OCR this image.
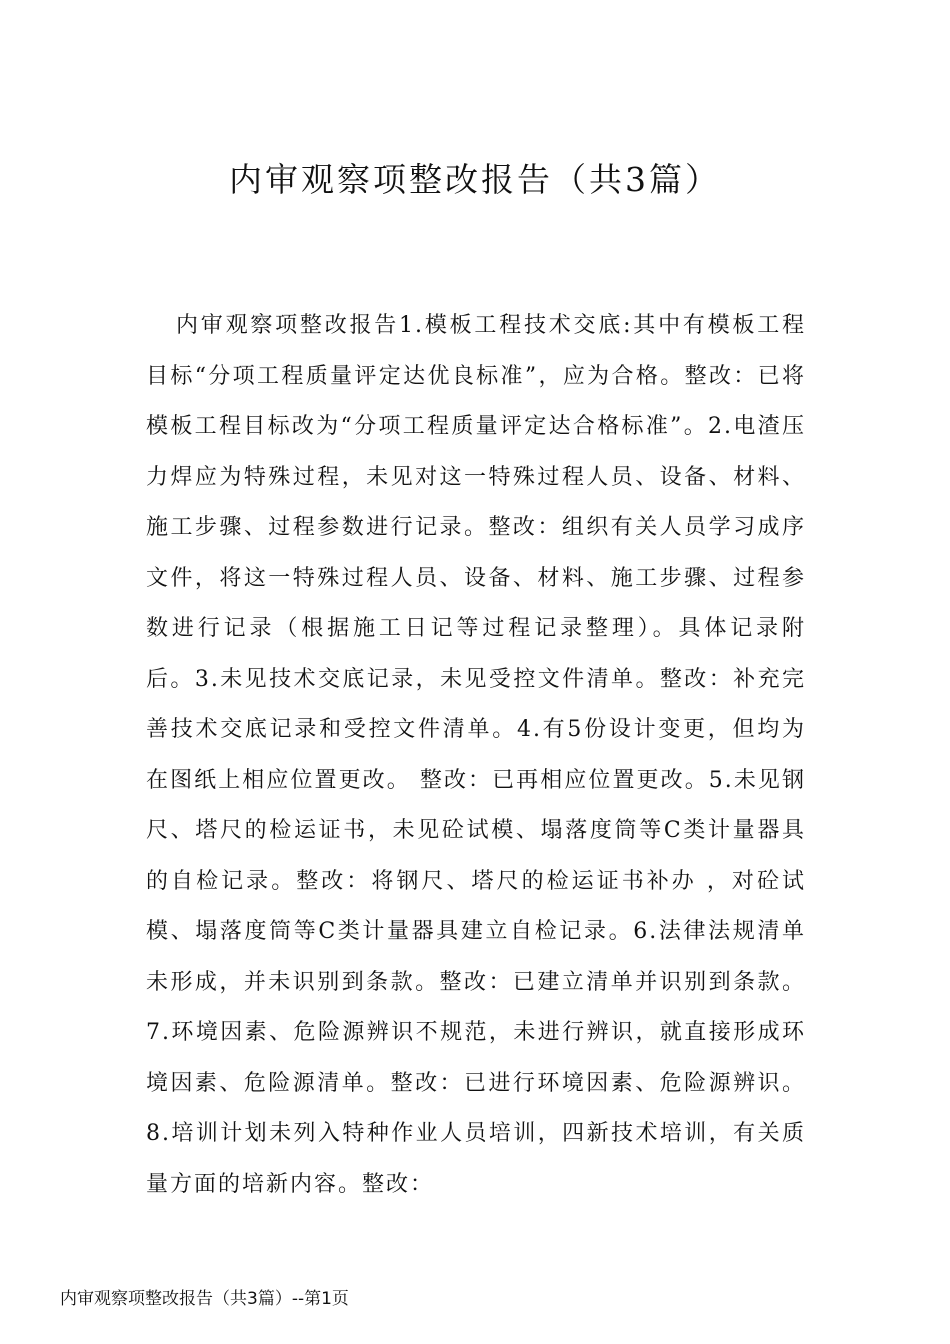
内审观察项整改报告（共3篇）

内审观察项整改报告1.模板工程技术交底:其中有模板工程目标“分项工程质量评定达优良标准”，应为合格。整改：已将模板工程目标改为“分项工程质量评定达合格标准”。2.电渣压力焊应为特殊过程，未见对这一特殊过程人员、设备、材料、施工步骤、过程参数进行记录。整改：组织有关人员学习成序文件，将这一特殊过程人员、设备、材料、施工步骤、过程参数进行记录（根据施工日记等过程记录整理）。具体记录附后。3.未见技术交底记录，未见受控文件清单。整改：补充完善技术交底记录和受控文件清单。4.有5份设计变更，但均为在图纸上相应位置更改。 整改：已再相应位置更改。5.未见钢尺、塔尺的检运证书，未见砼试模、塌落度筒等C类计量器具的自检记录。整改：将钢尺、塔尺的检运证书补办 ，对砼试模、塌落度筒等C类计量器具建立自检记录。6.法律法规清单未形成，并未识别到条款。整改：已建立清单并识别到条款。7.环境因素、危险源辨识不规范，未进行辨识，就直接形成环境因素、危险源清单。整改：已进行环境因素、危险源辨识。8.培训计划未列入特种作业人员培训，四新技术培训，有关质量方面的培新内容。整改：

内审观察项整改报告（共3篇）--第1页
